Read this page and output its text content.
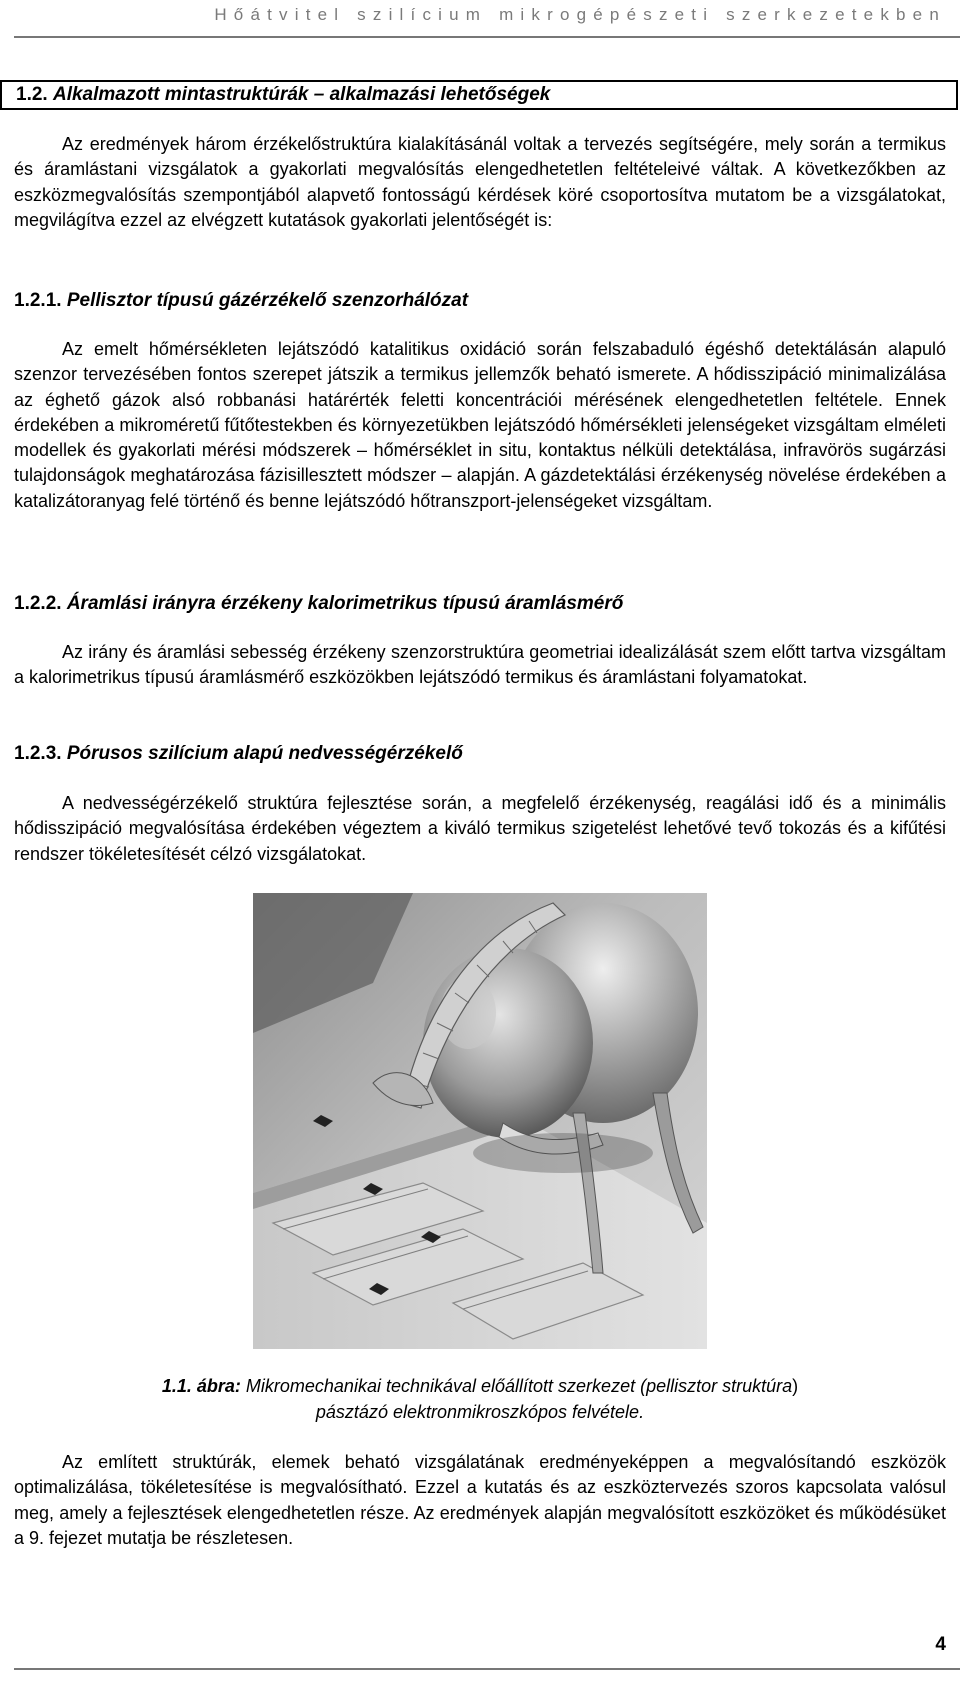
Hőátvitel szilícium mikrogépészeti szerkezetekben
1.2. Alkalmazott mintastruktúrák – alkalmazási lehetőségek
Az eredmények három érzékelőstruktúra kialakításánál voltak a tervezés segítségére, mely során a termikus és áramlástani vizsgálatok a gyakorlati megvalósítás elengedhetetlen feltételeivé váltak. A következőkben az eszközmegvalósítás szempontjából alapvető fontosságú kérdések köré csoportosítva mutatom be a vizsgálatokat, megvilágítva ezzel az elvégzett kutatások gyakorlati jelentőségét is:
1.2.1. Pellisztor típusú gázérzékelő szenzorhálózat
Az emelt hőmérsékleten lejátszódó katalitikus oxidáció során felszabaduló égéshő detektálásán alapuló szenzor tervezésében fontos szerepet játszik a termikus jellemzők beható ismerete. A hődisszipáció minimalizálása az éghető gázok alsó robbanási határérték feletti koncentrációi mérésének elengedhetetlen feltétele. Ennek érdekében a mikroméretű fűtőtestekben és környezetükben lejátszódó hőmérsékleti jelenségeket vizsgáltam elméleti modellek és gyakorlati mérési módszerek – hőmérséklet in situ, kontaktus nélküli detektálása, infravörös sugárzási tulajdonságok meghatározása fázisillesztett módszer – alapján. A gázdetektálási érzékenység növelése érdekében a katalizátoranyag felé történő és benne lejátszódó hőtranszport-jelenségeket vizsgáltam.
1.2.2. Áramlási irányra érzékeny kalorimetrikus típusú áramlásmérő
Az irány és áramlási sebesség érzékeny szenzorstruktúra geometriai idealizálását szem előtt tartva vizsgáltam a kalorimetrikus típusú áramlásmérő eszközökben lejátszódó termikus és áramlástani folyamatokat.
1.2.3. Pórusos szilícium alapú nedvességérzékelő
A nedvességérzékelő struktúra fejlesztése során, a megfelelő érzékenység, reagálási idő és a minimális hődisszipáció megvalósítása érdekében végeztem a kiváló termikus szigetelést lehetővé tevő tokozás és a kifűtési rendszer tökéletesítését célzó vizsgálatokat.
1.1. ábra: Mikromechanikai technikával előállított szerkezet (pellisztor struktúra)
pásztázó elektronmikroszkópos felvétele.
Az említett struktúrák, elemek beható vizsgálatának eredményeképpen a megvalósítandó eszközök optimalizálása, tökéletesítése is megvalósítható. Ezzel a kutatás és az eszköztervezés szoros kapcsolata valósul meg, amely a fejlesztések elengedhetetlen része. Az eredmények alapján megvalósított eszközöket és működésüket a 9. fejezet mutatja be részletesen.
4
